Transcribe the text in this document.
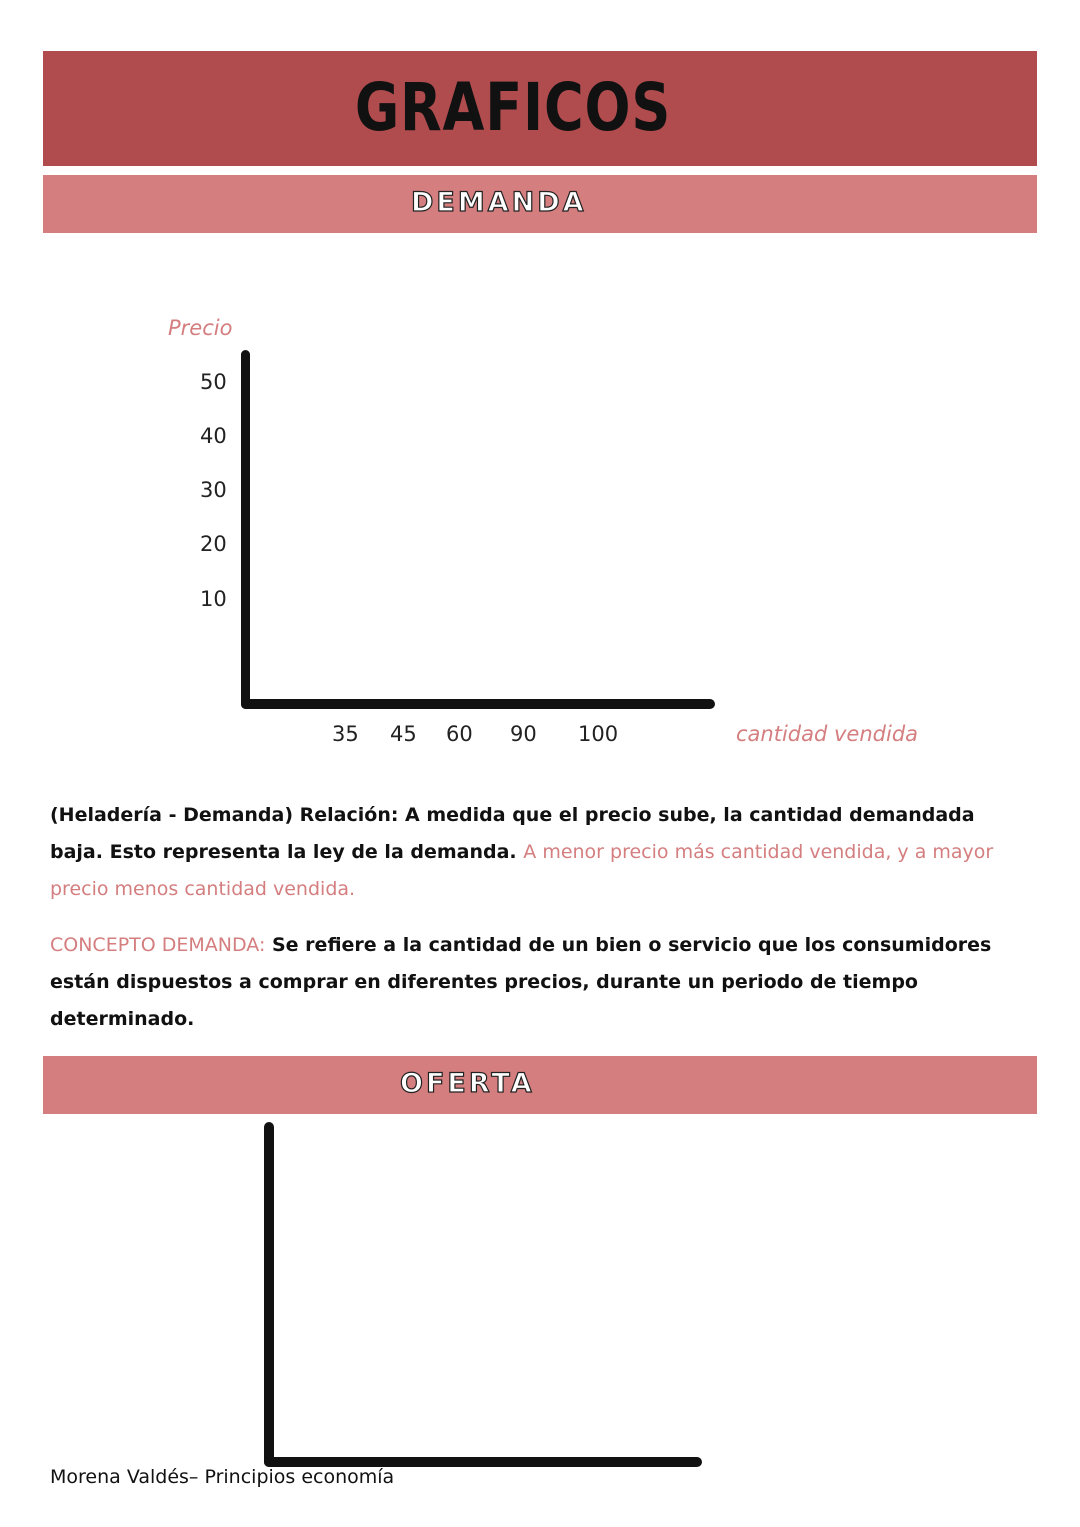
GRAFICOS
DEMANDA
Precio
50
40
30
20
10
35 45 60 90 100	cantidad vendida
(Heladería - Demanda) Relación: A medida que el precio sube, la cantidad demandada baja. Esto representa la ley de la demanda. A menor precio más cantidad vendida, y a mayor precio menos cantidad vendida.
CONCEPTO DEMANDA: Se refiere a la cantidad de un bien o servicio que los consumidores están dispuestos a comprar en diferentes precios, durante un periodo de tiempo determinado.
OFERTA
Morena Valdés– Principios economía
